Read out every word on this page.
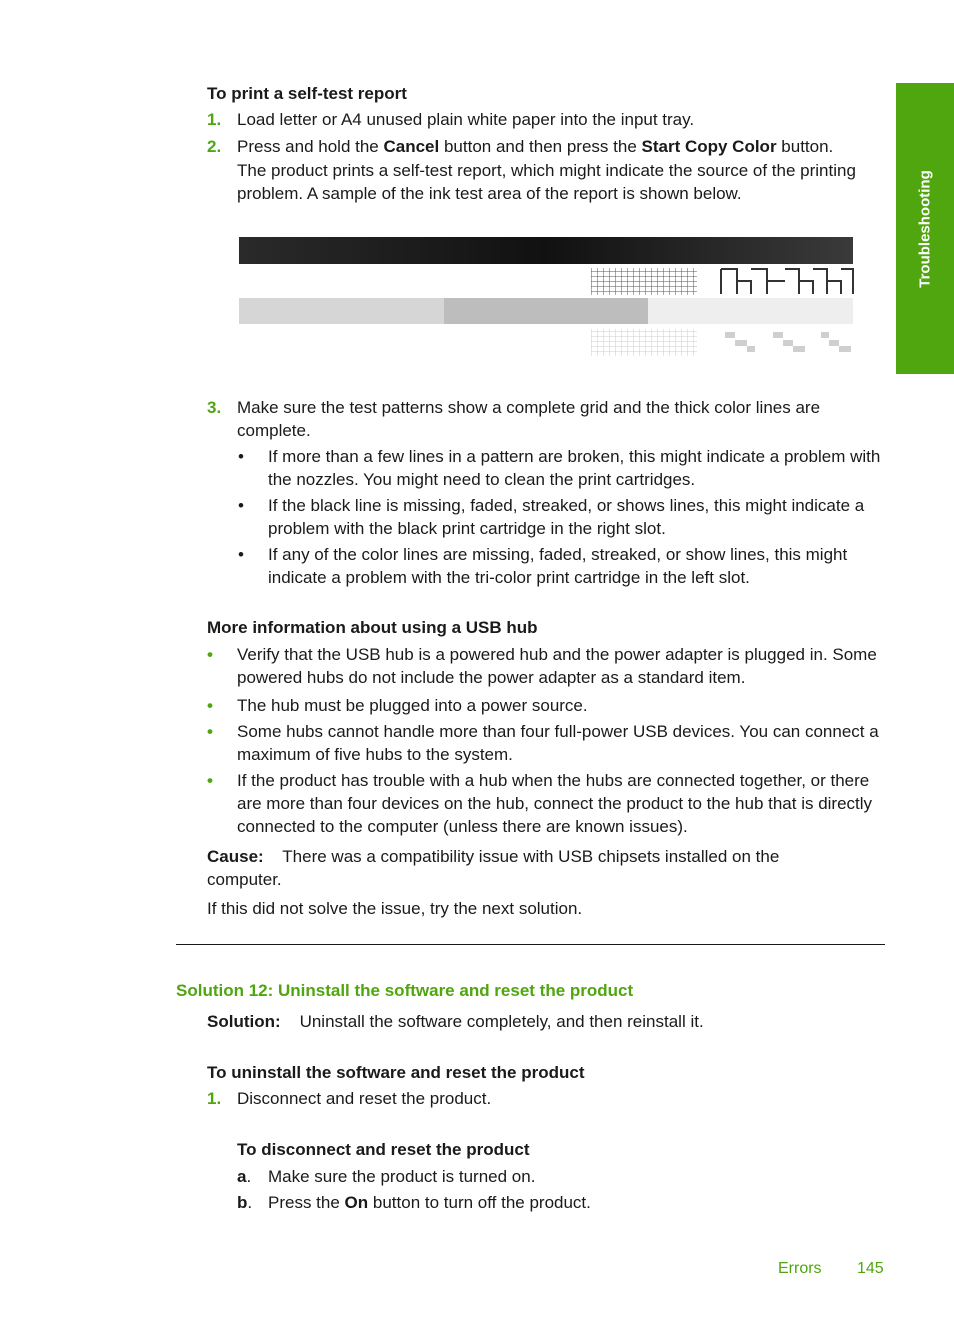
Troubleshooting
To print a self-test report
1. Load letter or A4 unused plain white paper into the input tray.
2. Press and hold the Cancel button and then press the Start Copy Color button.
The product prints a self-test report, which might indicate the source of the printing problem. A sample of the ink test area of the report is shown below.
3. Make sure the test patterns show a complete grid and the thick color lines are complete.
• If more than a few lines in a pattern are broken, this might indicate a problem with the nozzles. You might need to clean the print cartridges.
• If the black line is missing, faded, streaked, or shows lines, this might indicate a problem with the black print cartridge in the right slot.
• If any of the color lines are missing, faded, streaked, or show lines, this might indicate a problem with the tri-color print cartridge in the left slot.
More information about using a USB hub
• Verify that the USB hub is a powered hub and the power adapter is plugged in. Some powered hubs do not include the power adapter as a standard item.
• The hub must be plugged into a power source.
• Some hubs cannot handle more than four full-power USB devices. You can connect a maximum of five hubs to the system.
• If the product has trouble with a hub when the hubs are connected together, or there are more than four devices on the hub, connect the product to the hub that is directly connected to the computer (unless there are known issues).
Cause: There was a compatibility issue with USB chipsets installed on the computer.
If this did not solve the issue, try the next solution.
Solution 12: Uninstall the software and reset the product
Solution: Uninstall the software completely, and then reinstall it.
To uninstall the software and reset the product
1. Disconnect and reset the product.
To disconnect and reset the product
a. Make sure the product is turned on.
b. Press the On button to turn off the product.
Errors 145
